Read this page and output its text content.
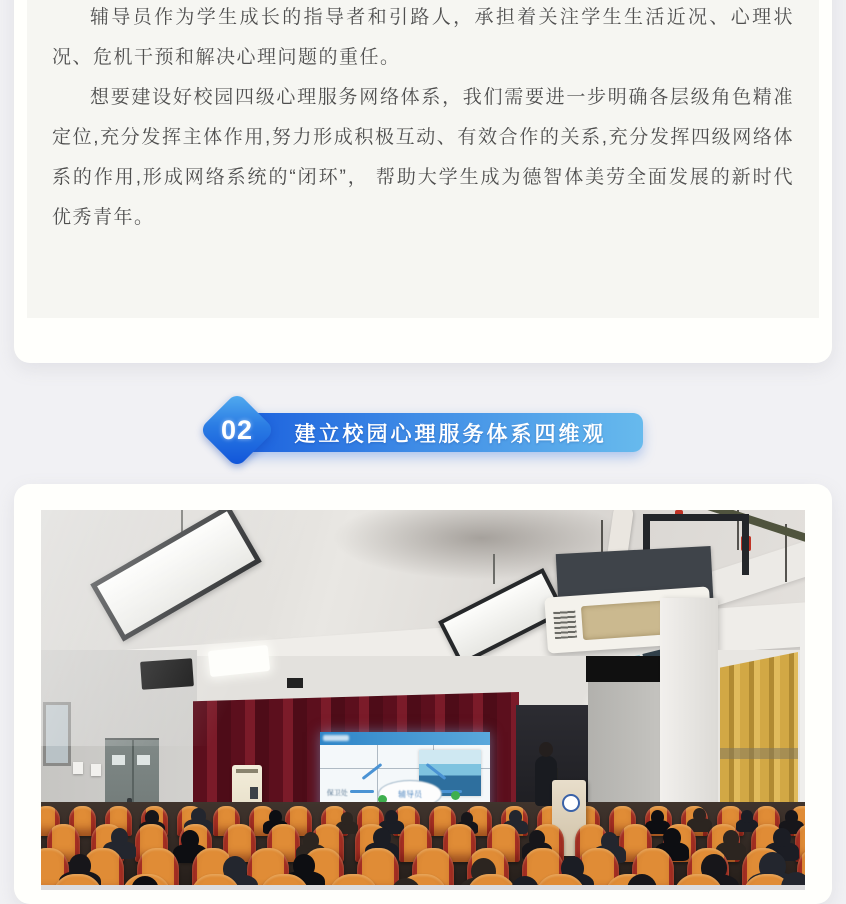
辅导员作为学生成长的指导者和引路人，承担着关注学生生活近况、心理状况、危机干预和解决心理问题的重任。

想要建设好校园四级心理服务网络体系，我们需要进一步明确各层级角色精准定位,充分发挥主体作用,努力形成积极互动、有效合作的关系,充分发挥四级网络体系的作用,形成网络系统的“闭环”， 帮助大学生成为德智体美劳全面发展的新时代优秀青年。

建立校园心理服务体系四维观
02
辅导员
保卫处
